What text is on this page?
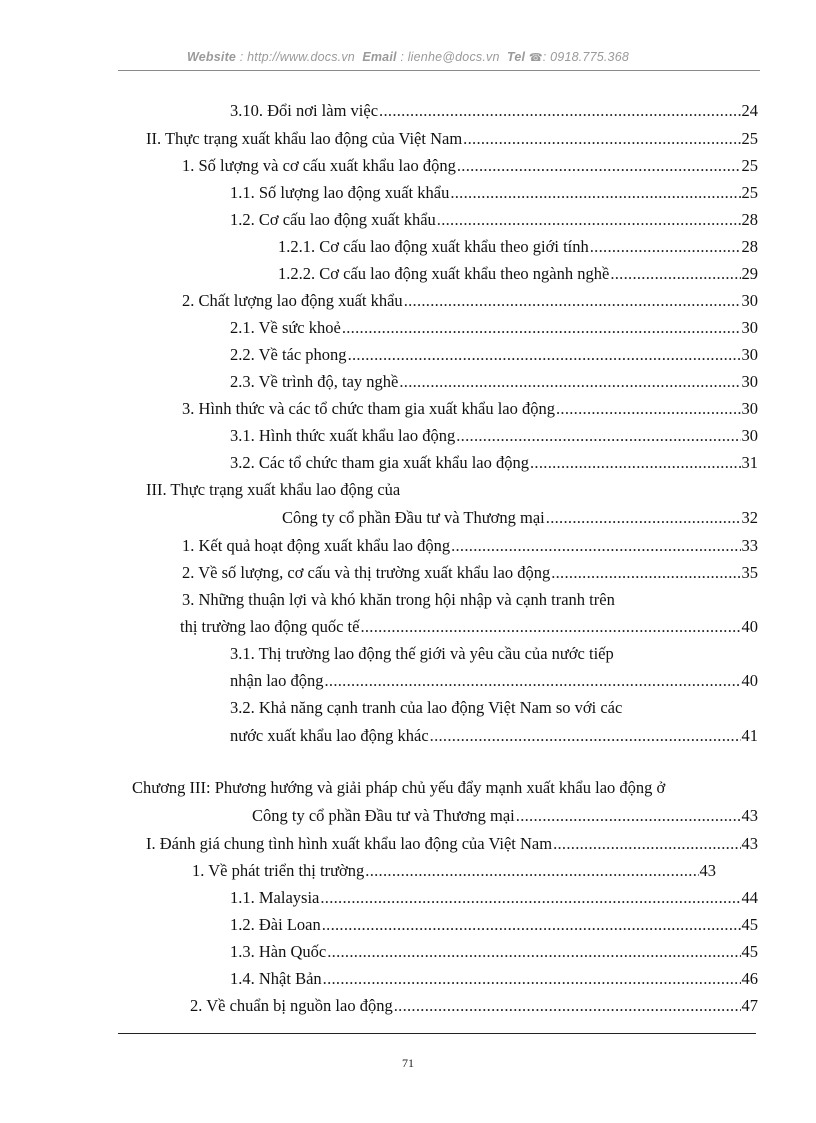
Website : http://www.docs.vn Email : lienhe@docs.vn Tel ☎: 0918.775.368
3.10. Đổi nơi làm việc .....	24
II. Thực trạng xuất khẩu lao động của Việt Nam .....	25
1. Số lượng và cơ cấu xuất khẩu lao động .....	25
1.1. Số lượng lao động xuất khẩu .....	25
1.2. Cơ cấu lao động xuất khẩu .....	28
1.2.1. Cơ cấu lao động xuất khẩu theo giới tính .....	28
1.2.2. Cơ cấu lao động xuất khẩu theo ngành nghề .....	29
2. Chất lượng lao động xuất khẩu .....	30
2.1. Về sức khoẻ .....	30
2.2. Về tác phong .....	30
2.3. Về trình độ, tay nghề .....	30
3. Hình thức và các tổ chức tham gia xuất khẩu lao động .....	30
3.1. Hình thức xuất khẩu lao động .....	30
3.2. Các tổ chức tham gia xuất khẩu lao động .....	31
III. Thực trạng xuất khẩu lao động của
Công ty cổ phần Đầu tư và Thương mại .....	32
1. Kết quả hoạt động xuất khẩu lao động .....	33
2. Về số lượng, cơ cấu và thị trường xuất khẩu lao động .....	35
3. Những thuận lợi và khó khăn trong hội nhập và cạnh tranh trên
thị trường lao động quốc tế .....	40
3.1. Thị trường lao động thế giới và yêu cầu của nước tiếp
nhận lao động .....	40
3.2. Khả năng cạnh tranh của lao động Việt Nam so với các
nước xuất khẩu lao động khác .....	41
Chương III: Phương hướng và giải pháp chủ yếu đẩy mạnh xuất khẩu lao động ở
Công ty cổ phần Đầu tư và Thương mại .....	43
I. Đánh giá chung tình hình xuất khẩu lao động của Việt Nam .....	43
1. Về phát triển thị trường .....	43
1.1. Malaysia .....	44
1.2. Đài Loan .....	45
1.3. Hàn Quốc .....	45
1.4. Nhật Bản .....	46
2. Về chuẩn bị nguồn lao động .....	47
71
